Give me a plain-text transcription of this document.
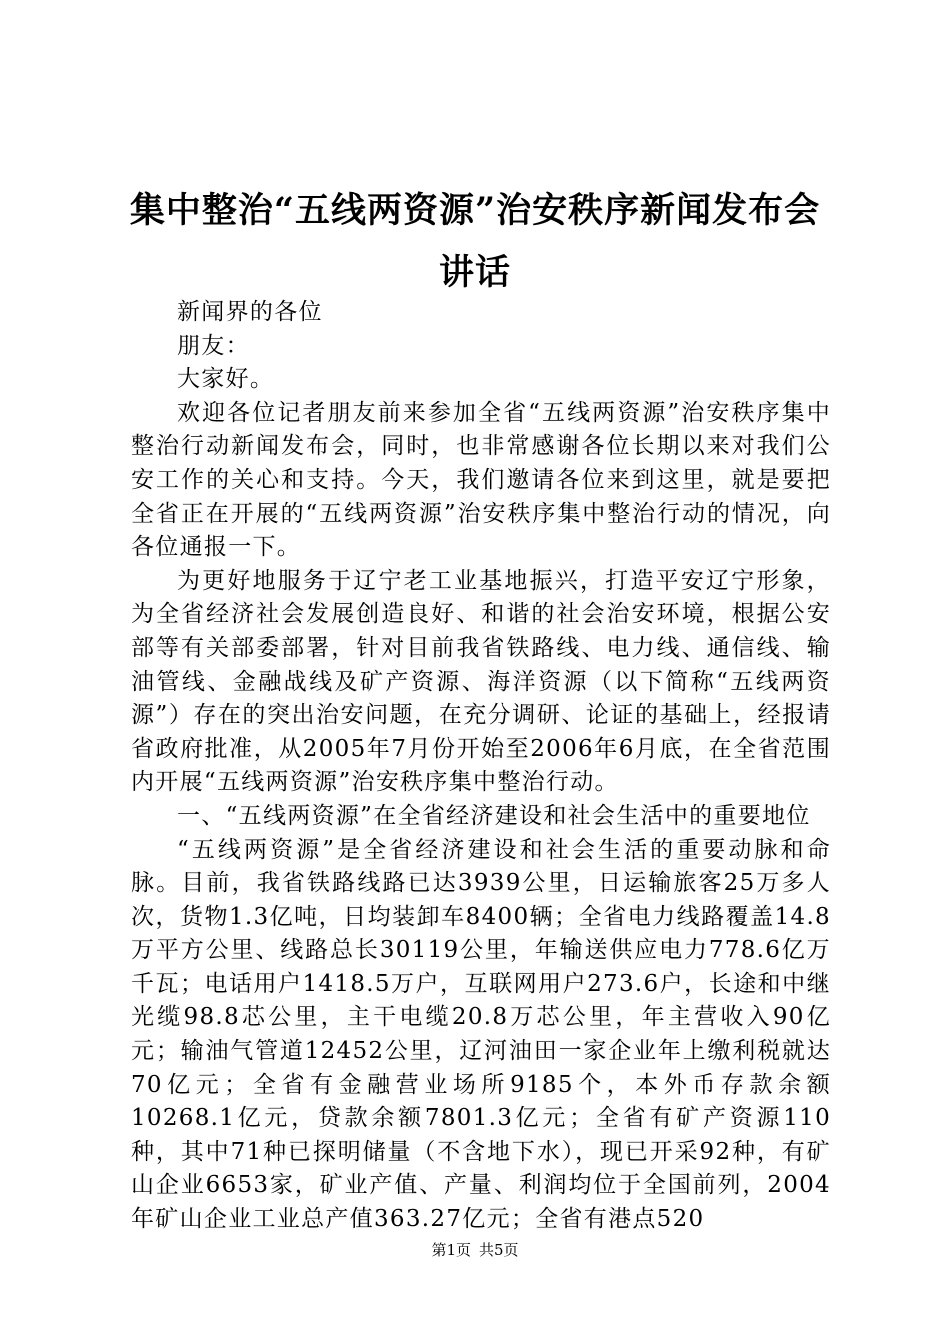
集中整治“五线两资源”治安秩序新闻发布会
讲话

新闻界的各位

朋友：

大家好。

欢迎各位记者朋友前来参加全省“五线两资源”治安秩序集中整治行动新闻发布会，同时，也非常感谢各位长期以来对我们公安工作的关心和支持。今天，我们邀请各位来到这里，就是要把全省正在开展的“五线两资源”治安秩序集中整治行动的情况，向各位通报一下。

为更好地服务于辽宁老工业基地振兴，打造平安辽宁形象，为全省经济社会发展创造良好、和谐的社会治安环境，根据公安部等有关部委部署，针对目前我省铁路线、电力线、通信线、输油管线、金融战线及矿产资源、海洋资源（以下简称“五线两资源”）存在的突出治安问题，在充分调研、论证的基础上，经报请省政府批准，从2005年7月份开始至2006年6月底，在全省范围内开展“五线两资源”治安秩序集中整治行动。

一、“五线两资源”在全省经济建设和社会生活中的重要地位

“五线两资源”是全省经济建设和社会生活的重要动脉和命脉。目前，我省铁路线路已达3939公里，日运输旅客25万多人次，货物1.3亿吨，日均装卸车8400辆；全省电力线路覆盖14.8万平方公里、线路总长30119公里，年输送供应电力778.6亿万千瓦；电话用户1418.5万户，互联网用户273.6户，长途和中继光缆98.8芯公里，主干电缆20.8万芯公里，年主营收入90亿元；输油气管道12452公里，辽河油田一家企业年上缴利税就达70亿元；全省有金融营业场所9185个，本外币存款余额10268.1亿元，贷款余额7801.3亿元；全省有矿产资源110种，其中71种已探明储量（不含地下水），现已开采92种，有矿山企业6653家，矿业产值、产量、利润均位于全国前列，2004年矿山企业工业总产值363.27亿元；全省有港点520

第1页 共5页
